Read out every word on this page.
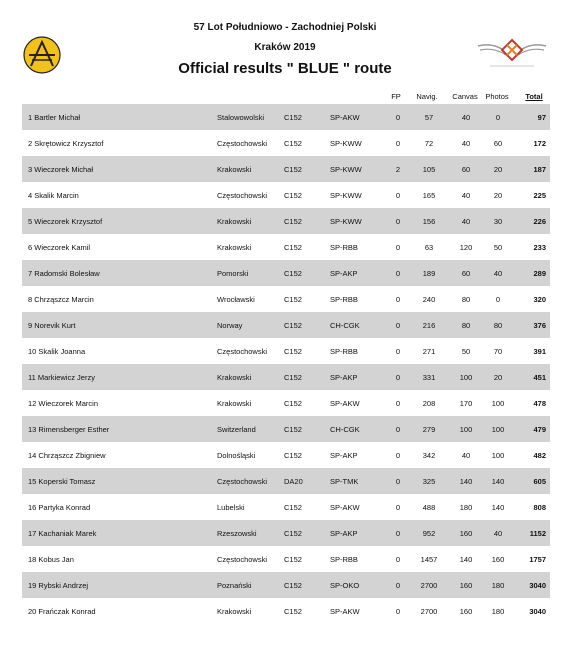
57 Lot Południowo - Zachodniej Polski
Kraków 2019
Official results " BLUE " route
FP	Navig.	Canvas	Photos	Total
1 Bartler Michał	Stalowowolski	C152	SP-AKW	0	57	40	0	97
2 Skrętowicz Krzysztof	Częstochowski C152	SP-KWW	0	72	40	60	172
3 Wieczorek Michał	Krakowski	C152	SP-KWW	2	105	60	20	187
4 Skalik Marcin	Częstochowski C152	SP-KWW	0	165	40	20	225
5 Wieczorek Krzysztof	Krakowski	C152	SP-KWW	0	156	40	30	226
6 Wieczorek Kamil	Krakowski	C152	SP-RBB	0	63	120	50	233
7 Radomski Bolesław	Pomorski	C152	SP-AKP	0	189	60	40	289
8 Chrząszcz Marcin	Wrocławski	C152	SP-RBB	0	240	80	0	320
9 Norevik Kurt	Norway	C152	CH-CGK	0	216	80	80	376
10 Skalik Joanna	Częstochowski C152	SP-RBB	0	271	50	70	391
11 Markiewicz Jerzy	Krakowski	C152	SP-AKP	0	331	100	20	451
12 Wieczorek Marcin	Krakowski	C152	SP-AKW	0	208	170	100	478
13 Rimensberger Esther	Switzerland	C152	CH-CGK	0	279	100	100	479
14 Chrząszcz Zbigniew	Dolnośląski	C152	SP-AKP	0	342	40	100	482
15 Koperski Tomasz	Częstochowski DA20	SP-TMK	0	325	140	140	605
16 Partyka Konrad	Lubelski	C152	SP-AKW	0	488	180	140	808
17 Kachaniak Marek	Rzeszowski	C152	SP-AKP	0	952	160	40	1152
18 Kobus Jan	Częstochowski C152	SP-RBB	0	1457	140	160	1757
19 Rybski Andrzej	Poznański	C152	SP-OKO	0	2700	160	180	3040
20 Frańczak Konrad	Krakowski	C152	SP-AKW	0	2700	160	180	3040
